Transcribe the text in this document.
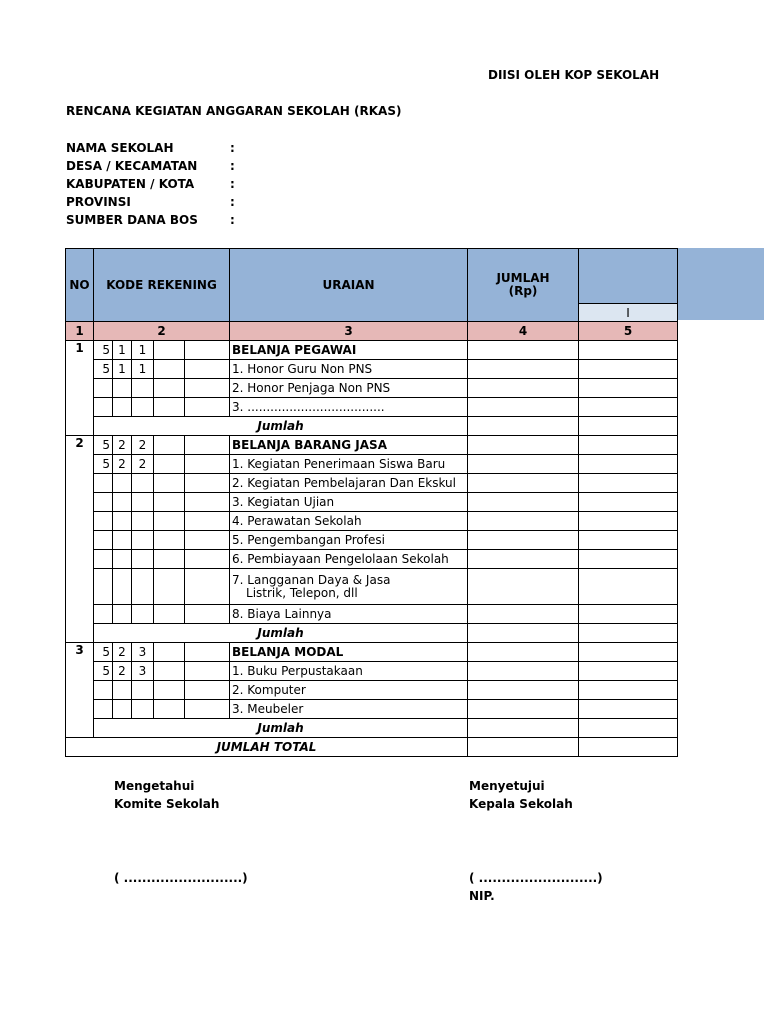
DIISI OLEH KOP SEKOLAH
RENCANA KEGIATAN ANGGARAN SEKOLAH (RKAS)
NAMA SEKOLAH	:
DESA / KECAMATAN	:
KABUPATEN / KOTA	:
PROVINSI	:
SUMBER DANA BOS	:
NO	KODE REKENING					URAIAN	JUMLAH
(Rp)	

								I
1	2					3	4	5
1	5	1	1			BELANJA PEGAWAI		
	5	1	1			1. Honor Guru Non PNS		
						2. Honor Penjaga Non PNS		
						3. ....................................		
	Jumlah							
2	5	2	2			BELANJA BARANG JASA		
	5	2	2			1. Kegiatan Penerimaan Siswa Baru		
						2. Kegiatan Pembelajaran Dan Ekskul		
						3. Kegiatan Ujian		
						4. Perawatan Sekolah		
						5. Pengembangan Profesi		
						6. Pembiayaan Pengelolaan Sekolah		

						7. Langganan Daya & Jasa
Listrik, Telepon, dll		

						8. Biaya Lainnya		
	Jumlah							
3	5	2	3			BELANJA MODAL		
	5	2	3			1. Buku Perpustakaan		
						2. Komputer		
						3. Meubeler		
	Jumlah							
JUMLAH TOTAL								
Mengetahui
Komite Sekolah
( ..........................)
Menyetujui
Kepala Sekolah
( ..........................)
NIP.
